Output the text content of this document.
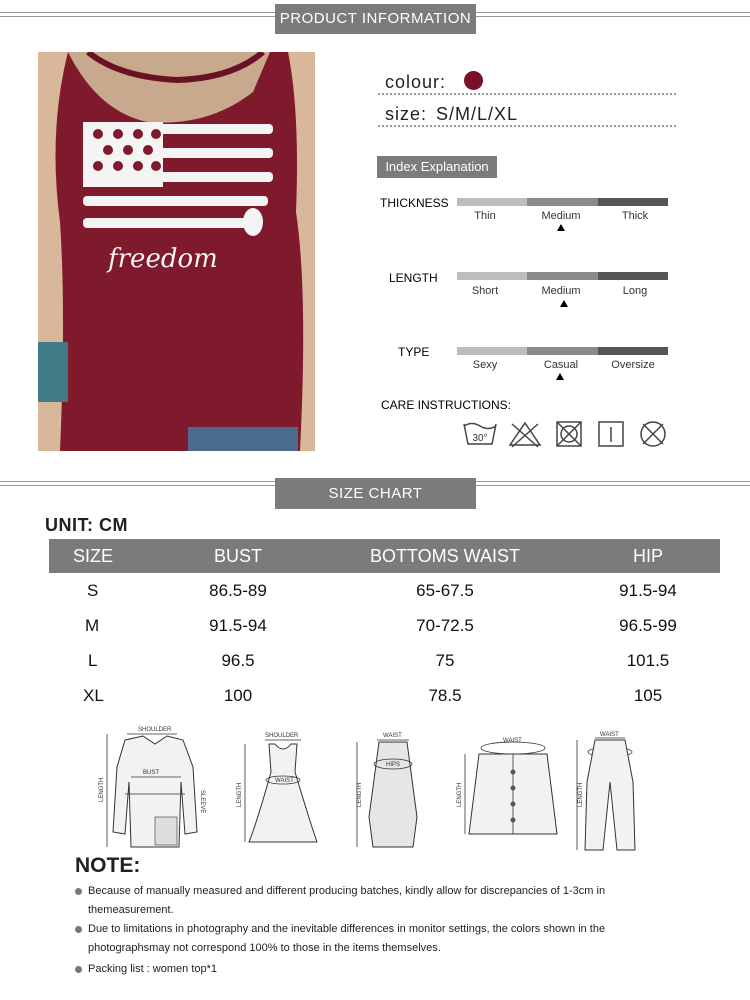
PRODUCT INFORMATION
freedom
colour:
size: S/M/L/XL
Index Explanation
THICKNESS
Thin	Medium	Thick
LENGTH
Short	Medium	Long
TYPE
Sexy	Casual	Oversize
CARE INSTRUCTIONS:
30°
SIZE CHART
UNIT: CM
SIZE	BUST	BOTTOMS WAIST	HIP
S	86.5-89	65-67.5	91.5-94
M	91.5-94	70-72.5	96.5-99
L	96.5	75	101.5
XL	100	78.5	105
SHOULDER
BUST
LENGTH	SLEEVE
SHOULDER
WAIST
LENGTH
WAIST
HIPS
LENGTH
WAIST
LENGTH
WAIST
LENGTH
NOTE:
Because of manually measured and different producing batches, kindly allow for discrepancies of 1-3cm in themeasurement.
Due to limitations in photography and the inevitable differences in monitor settings, the colors shown in the photographsmay not correspond 100% to those in the items themselves.
Packing list : women top*1
